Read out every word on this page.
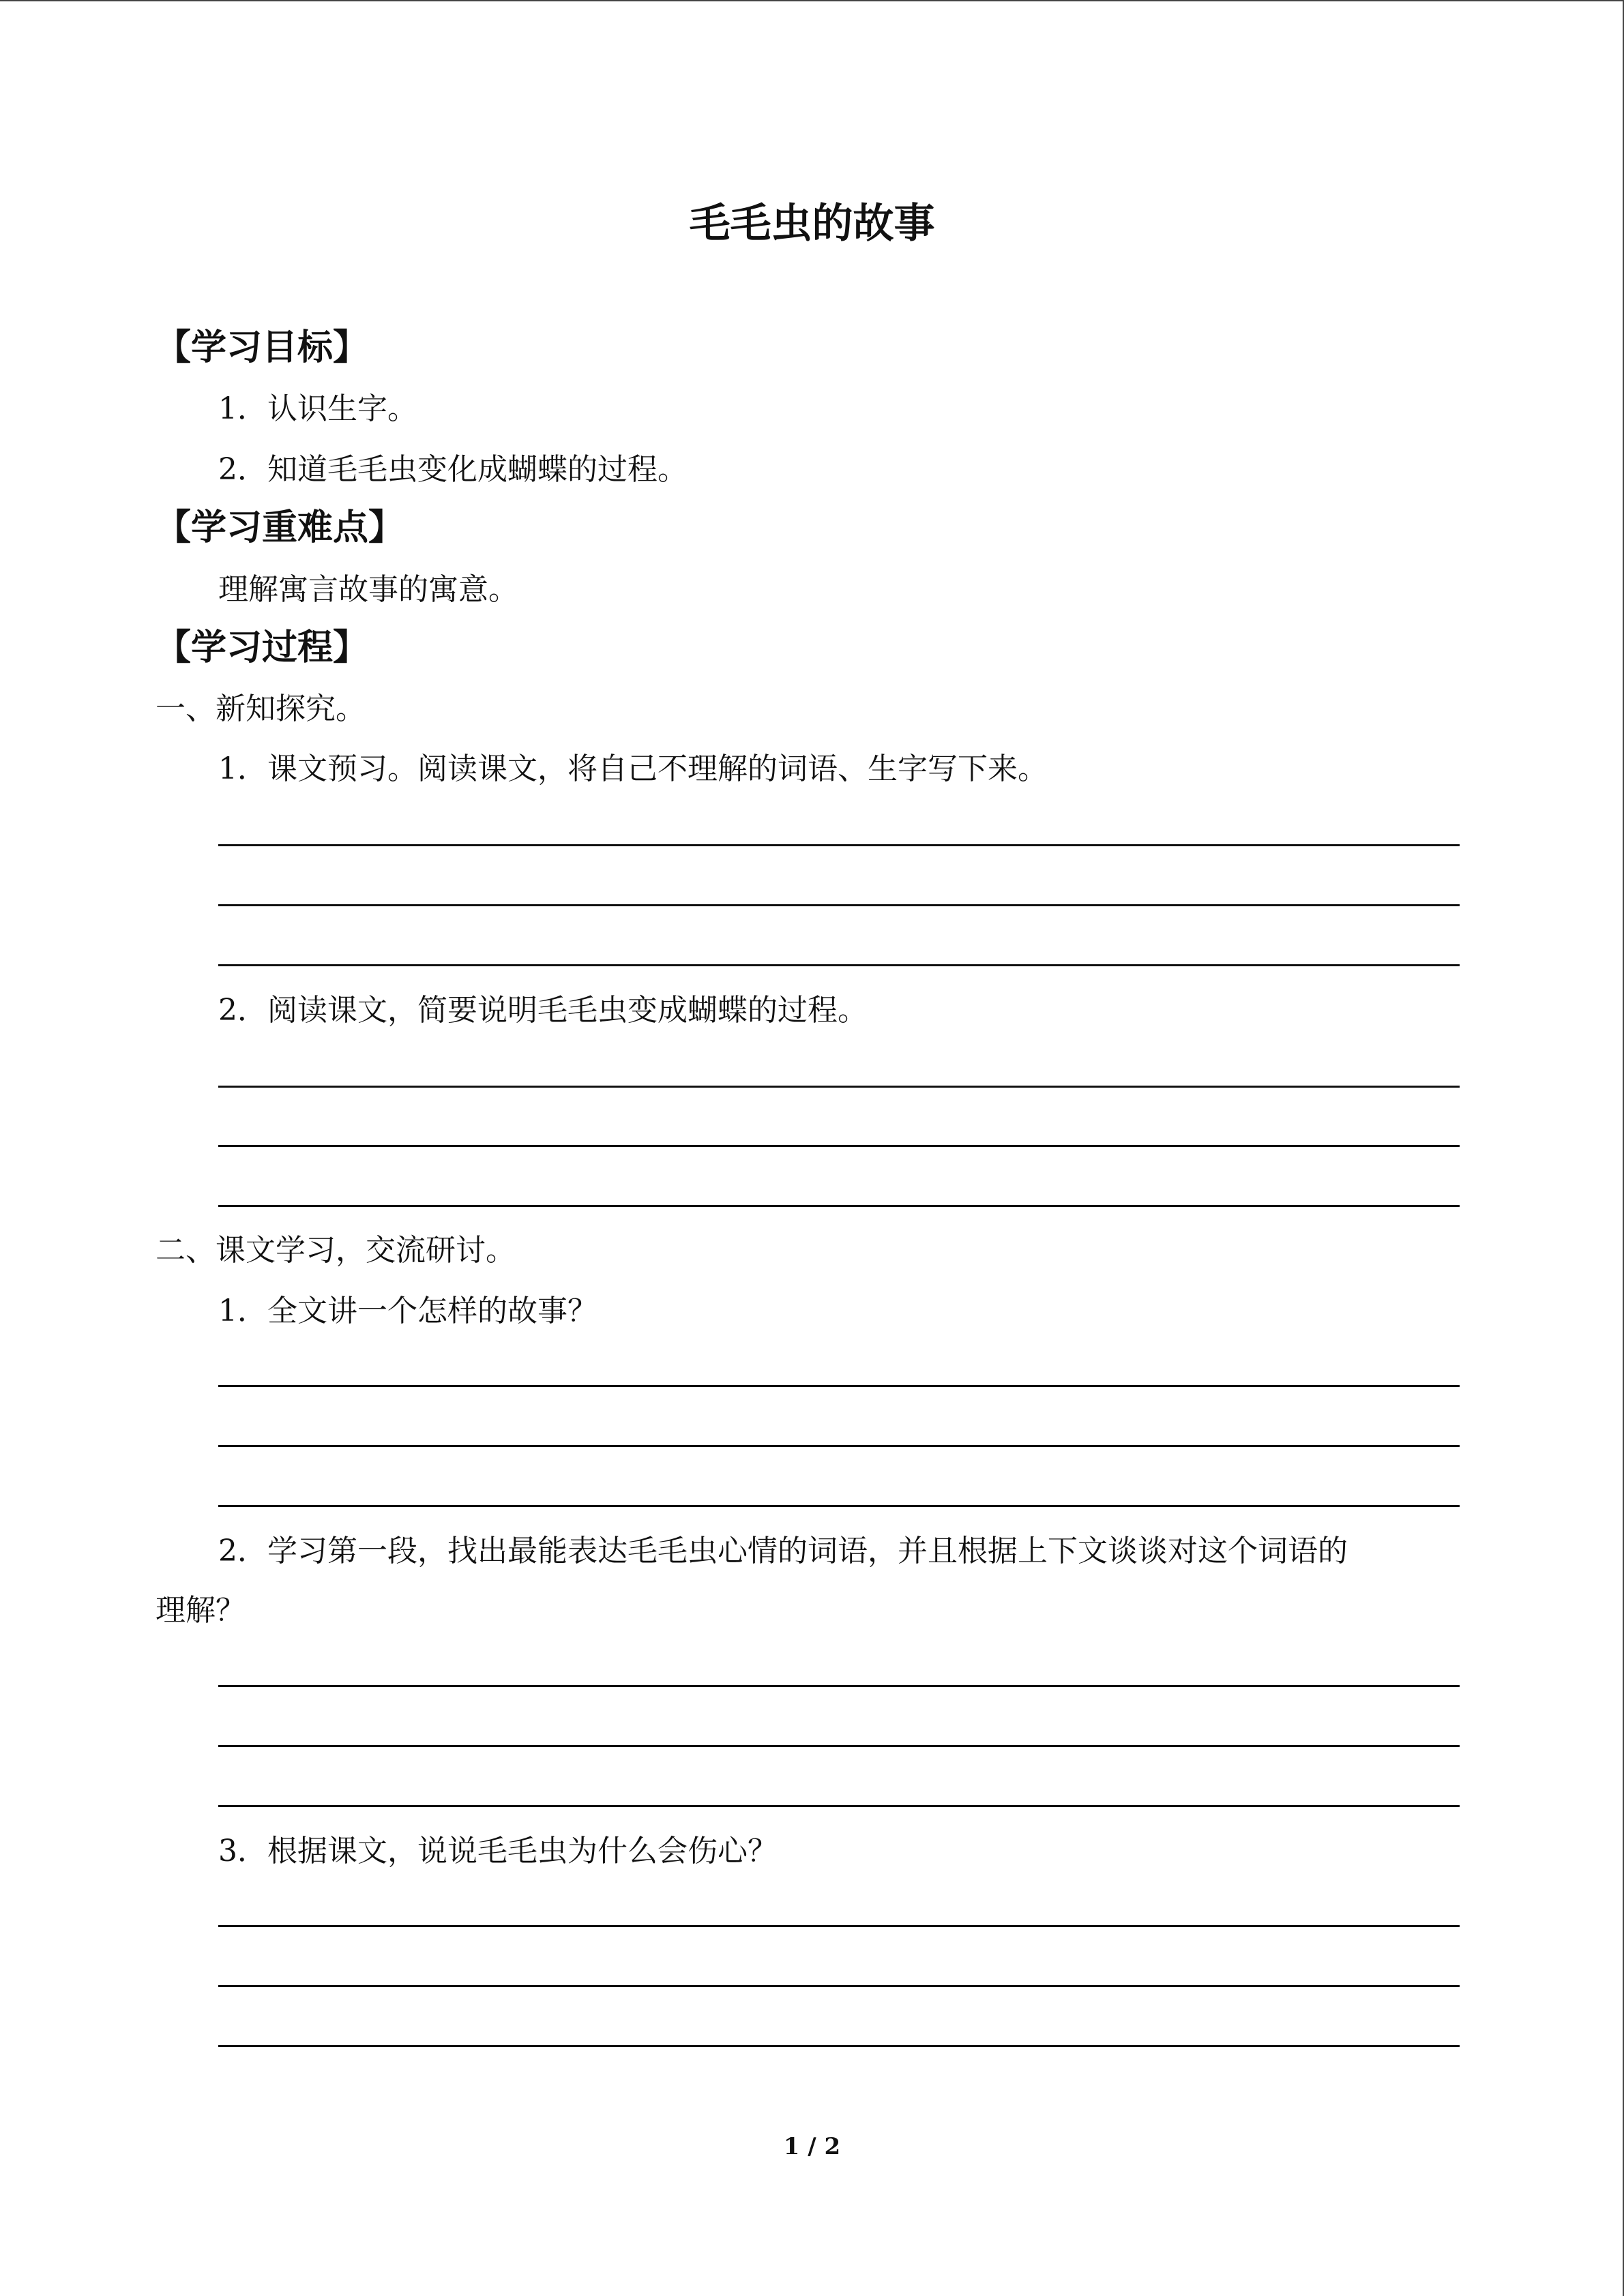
毛毛虫的故事
【学习目标】
1．认识生字。
2．知道毛毛虫变化成蝴蝶的过程。
【学习重难点】
理解寓言故事的寓意。
【学习过程】
一、新知探究。
1．课文预习。阅读课文，将自己不理解的词语、生字写下来。
2．阅读课文，简要说明毛毛虫变成蝴蝶的过程。
二、课文学习，交流研讨。
1．全文讲一个怎样的故事？
2．学习第一段，找出最能表达毛毛虫心情的词语，并且根据上下文谈谈对这个词语的
理解？
3．根据课文，说说毛毛虫为什么会伤心？
1 / 2
